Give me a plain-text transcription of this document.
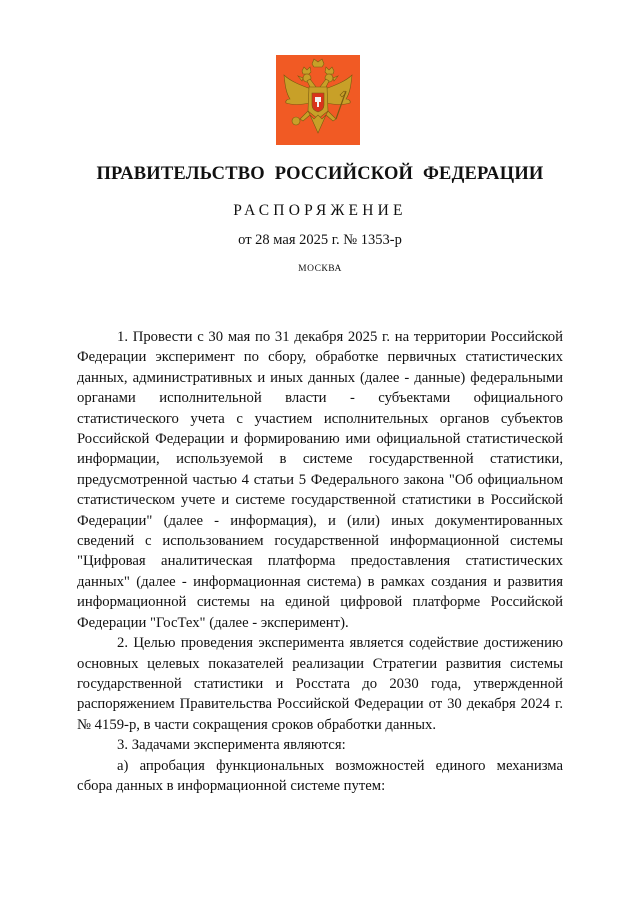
ПРАВИТЕЛЬСТВО РОССИЙСКОЙ ФЕДЕРАЦИИ
РАСПОРЯЖЕНИЕ
от 28 мая 2025 г. № 1353-р
МОСКВА

1. Провести с 30 мая по 31 декабря 2025 г. на территории Российской Федерации эксперимент по сбору, обработке первичных статистических данных, административных и иных данных (далее - данные) федеральными органами исполнительной власти - субъектами официального статистического учета с участием исполнительных органов субъектов Российской Федерации и формированию ими официальной статистической информации, используемой в системе государственной статистики, предусмотренной частью 4 статьи 5 Федерального закона "Об официальном статистическом учете и системе государственной статистики в Российской Федерации" (далее - информация), и (или) иных документированных сведений с использованием государственной информационной системы "Цифровая аналитическая платформа предоставления статистических данных" (далее - информационная система) в рамках создания и развития информационной системы на единой цифровой платформе Российской Федерации "ГосТех" (далее - эксперимент).

2. Целью проведения эксперимента является содействие достижению основных целевых показателей реализации Стратегии развития системы государственной статистики и Росстата до 2030 года, утвержденной распоряжением Правительства Российской Федерации от 30 декабря 2024 г. № 4159-р, в части сокращения сроков обработки данных.

3. Задачами эксперимента являются:

а) апробация функциональных возможностей единого механизма сбора данных в информационной системе путем:
